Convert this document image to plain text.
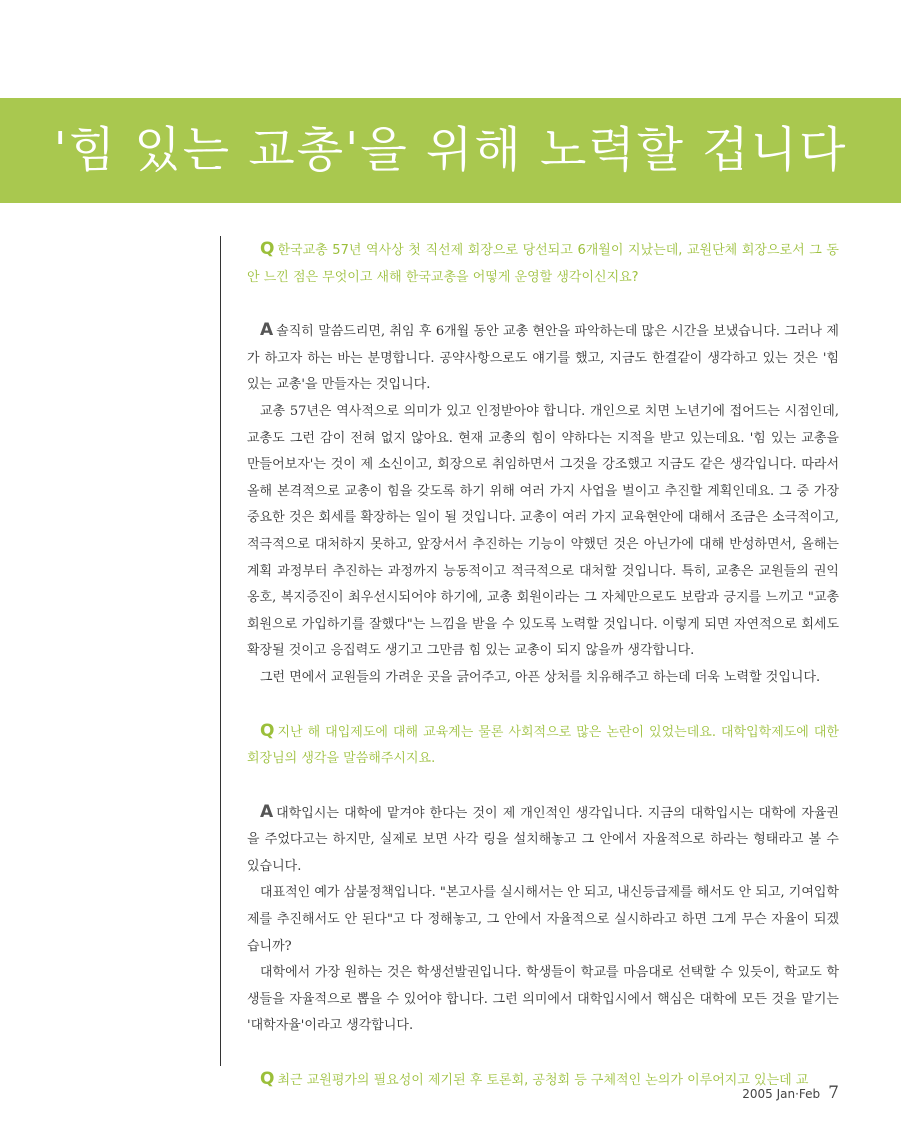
'힘 있는 교총'을 위해 노력할 겁니다
Q 한국교총 57년 역사상 첫 직선제 회장으로 당선되고 6개월이 지났는데, 교원단체 회장으로서 그 동안 느낀 점은 무엇이고 새해 한국교총을 어떻게 운영할 생각이신지요?

A 솔직히 말씀드리면, 취임 후 6개월 동안 교총 현안을 파악하는데 많은 시간을 보냈습니다. 그러나 제가 하고자 하는 바는 분명합니다. 공약사항으로도 얘기를 했고, 지금도 한결같이 생각하고 있는 것은 '힘 있는 교총'을 만들자는 것입니다.

교총 57년은 역사적으로 의미가 있고 인정받아야 합니다. 개인으로 치면 노년기에 접어드는 시점인데, 교총도 그런 감이 전혀 없지 않아요. 현재 교총의 힘이 약하다는 지적을 받고 있는데요. '힘 있는 교총을 만들어보자'는 것이 제 소신이고, 회장으로 취임하면서 그것을 강조했고 지금도 같은 생각입니다. 따라서 올해 본격적으로 교총이 힘을 갖도록 하기 위해 여러 가지 사업을 벌이고 추진할 계획인데요. 그 중 가장 중요한 것은 회세를 확장하는 일이 될 것입니다. 교총이 여러 가지 교육현안에 대해서 조금은 소극적이고, 적극적으로 대처하지 못하고, 앞장서서 추진하는 기능이 약했던 것은 아닌가에 대해 반성하면서, 올해는 계획 과정부터 추진하는 과정까지 능동적이고 적극적으로 대처할 것입니다. 특히, 교총은 교원들의 권익옹호, 복지증진이 최우선시되어야 하기에, 교총 회원이라는 그 자체만으로도 보람과 긍지를 느끼고 "교총 회원으로 가입하기를 잘했다"는 느낌을 받을 수 있도록 노력할 것입니다. 이렇게 되면 자연적으로 회세도 확장될 것이고 응집력도 생기고 그만큼 힘 있는 교총이 되지 않을까 생각합니다.

그런 면에서 교원들의 가려운 곳을 긁어주고, 아픈 상처를 치유해주고 하는데 더욱 노력할 것입니다.

Q 지난 해 대입제도에 대해 교육계는 물론 사회적으로 많은 논란이 있었는데요. 대학입학제도에 대한 회장님의 생각을 말씀해주시지요.

A 대학입시는 대학에 맡겨야 한다는 것이 제 개인적인 생각입니다. 지금의 대학입시는 대학에 자율권을 주었다고는 하지만, 실제로 보면 사각 링을 설치해놓고 그 안에서 자율적으로 하라는 형태라고 볼 수 있습니다.

대표적인 예가 삼불정책입니다. "본고사를 실시해서는 안 되고, 내신등급제를 해서도 안 되고, 기여입학제를 추진해서도 안 된다"고 다 정해놓고, 그 안에서 자율적으로 실시하라고 하면 그게 무슨 자율이 되겠습니까?

대학에서 가장 원하는 것은 학생선발권입니다. 학생들이 학교를 마음대로 선택할 수 있듯이, 학교도 학생들을 자율적으로 뽑을 수 있어야 합니다. 그런 의미에서 대학입시에서 핵심은 대학에 모든 것을 맡기는 '대학자율'이라고 생각합니다.

Q 최근 교원평가의 필요성이 제기된 후 토론회, 공청회 등 구체적인 논의가 이루어지고 있는데 교
2005 Jan·Feb 7
